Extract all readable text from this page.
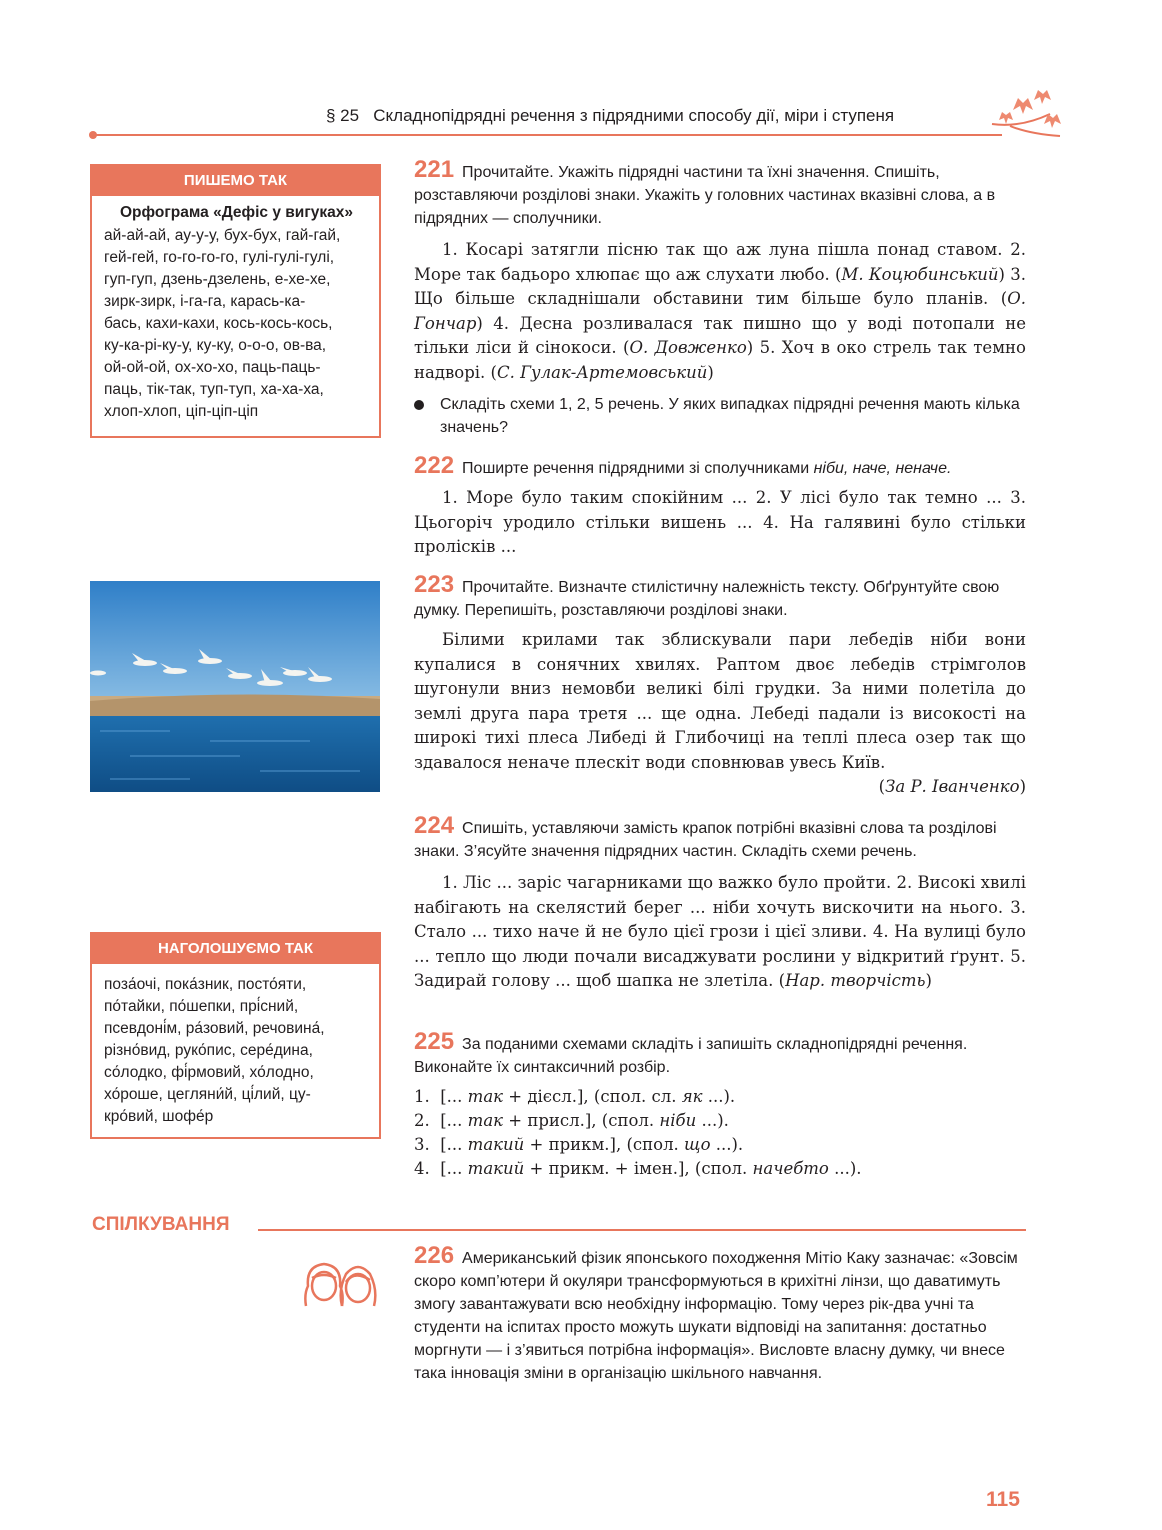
§ 25 Складнопідрядні речення з підрядними способу дії, міри і ступеня
ПИШЕМО ТАК
Орфограма «Дефіс у вигуках»
ай-ай-ай, ау-у-у, бух-бух, гай-гай,
гей-гей, го-го-го-го, гулі-гулі-гулі,
гуп-гуп, дзень-дзелень, е-хе-хе,
зирк-зирк, і-га-га, карась-ка-
бась, кахи-кахи, кось-кось-кось,
ку-ка-рі-ку-у, ку-ку, о-о-о, ов-ва,
ой-ой-ой, ох-хо-хо, паць-паць-
паць, тік-так, туп-туп, ха-ха-ха,
хлоп-хлоп, ціп-ціп-ціп
НАГОЛОШУЄМО ТАК
поза́очі, пока́зник, посто́яти,
по́тайки, по́шепки, прі́сний,
псевдоні́м, ра́зовий, речовина́,
різно́вид, руко́пис, сере́дина,
со́лодко, фі́рмовий, хо́лодно,
хо́роше, цегляни́й, ці́лий, цу-
кро́вий, шофе́р
221 Прочитайте. Укажіть підрядні частини та їхні значення. Спишіть, розставляючи розділові знаки. Укажіть у головних частинах вказівні слова, а в підрядних — сполучники.
1. Косарі затягли пісню так що аж луна пішла понад ставом. 2. Море так бадьоро хлюпає що аж слухати любо. (М. Коцюбинський) 3. Що більше складнішали обставини тим більше було планів. (О. Гончар) 4. Десна розливалася так пишно що у воді потопали не тільки ліси й сінокоси. (О. Довженко) 5. Хоч в око стрель так темно надворі. (С. Гулак-Артемовський)
Складіть схеми 1, 2, 5 речень. У яких випадках підрядні речення мають кілька значень?
222 Поширте речення підрядними зі сполучниками ніби, наче, неначе.
1. Море було таким спокійним ... 2. У лісі було так темно ... 3. Цьогоріч уродило стільки вишень ... 4. На галявині було стільки пролісків ...
223 Прочитайте. Визначте стилістичну належність тексту. Обґрунтуйте свою думку. Перепишіть, розставляючи розділові знаки.
Білими крилами так зблискували пари лебедів ніби вони купалися в сонячних хвилях. Раптом двоє лебедів стрімголов шугонули вниз немовби великі білі грудки. За ними полетіла до землі друга пара третя ... ще одна. Лебеді падали із високості на широкі тихі плеса Либеді й Глибочиці на теплі плеса озер так що здавалося неначе плескіт води сповнював увесь Київ.
(За Р. Іванченко)
224 Спишіть, уставляючи замість крапок потрібні вказівні слова та розділові знаки. З’ясуйте значення підрядних частин. Складіть схеми речень.
1. Ліс ... заріс чагарниками що важко було пройти. 2. Високі хвилі набігають на скелястий берег ... ніби хочуть вискочити на нього. 3. Стало ... тихо наче й не було цієї грози і цієї зливи. 4. На вулиці було ... тепло що люди почали висаджувати рослини у відкритий ґрунт. 5. Задирай голову ... щоб шапка не злетіла. (Нар. творчість)
225 За поданими схемами складіть і запишіть складнопідрядні речення. Виконайте їх синтаксичний розбір.
1. [... так + дієсл.], (спол. сл. як ...).
2. [... так + присл.], (спол. ніби ...).
3. [... такий + прикм.], (спол. що ...).
4. [... такий + прикм. + імен.], (спол. начебто ...).
СПІЛКУВАННЯ
226 Американський фізик японського походження Мітіо Каку зазначає: «Зовсім скоро комп’ютери й окуляри трансформуються в крихітні лінзи, що даватимуть змогу завантажувати всю необхідну інформацію. Тому через рік-два учні та студенти на іспитах просто можуть шукати відповіді на запитання: достатньо моргнути — і з’явиться потрібна інформація». Висловте власну думку, чи внесе така інновація зміни в організацію шкільного навчання.
115
